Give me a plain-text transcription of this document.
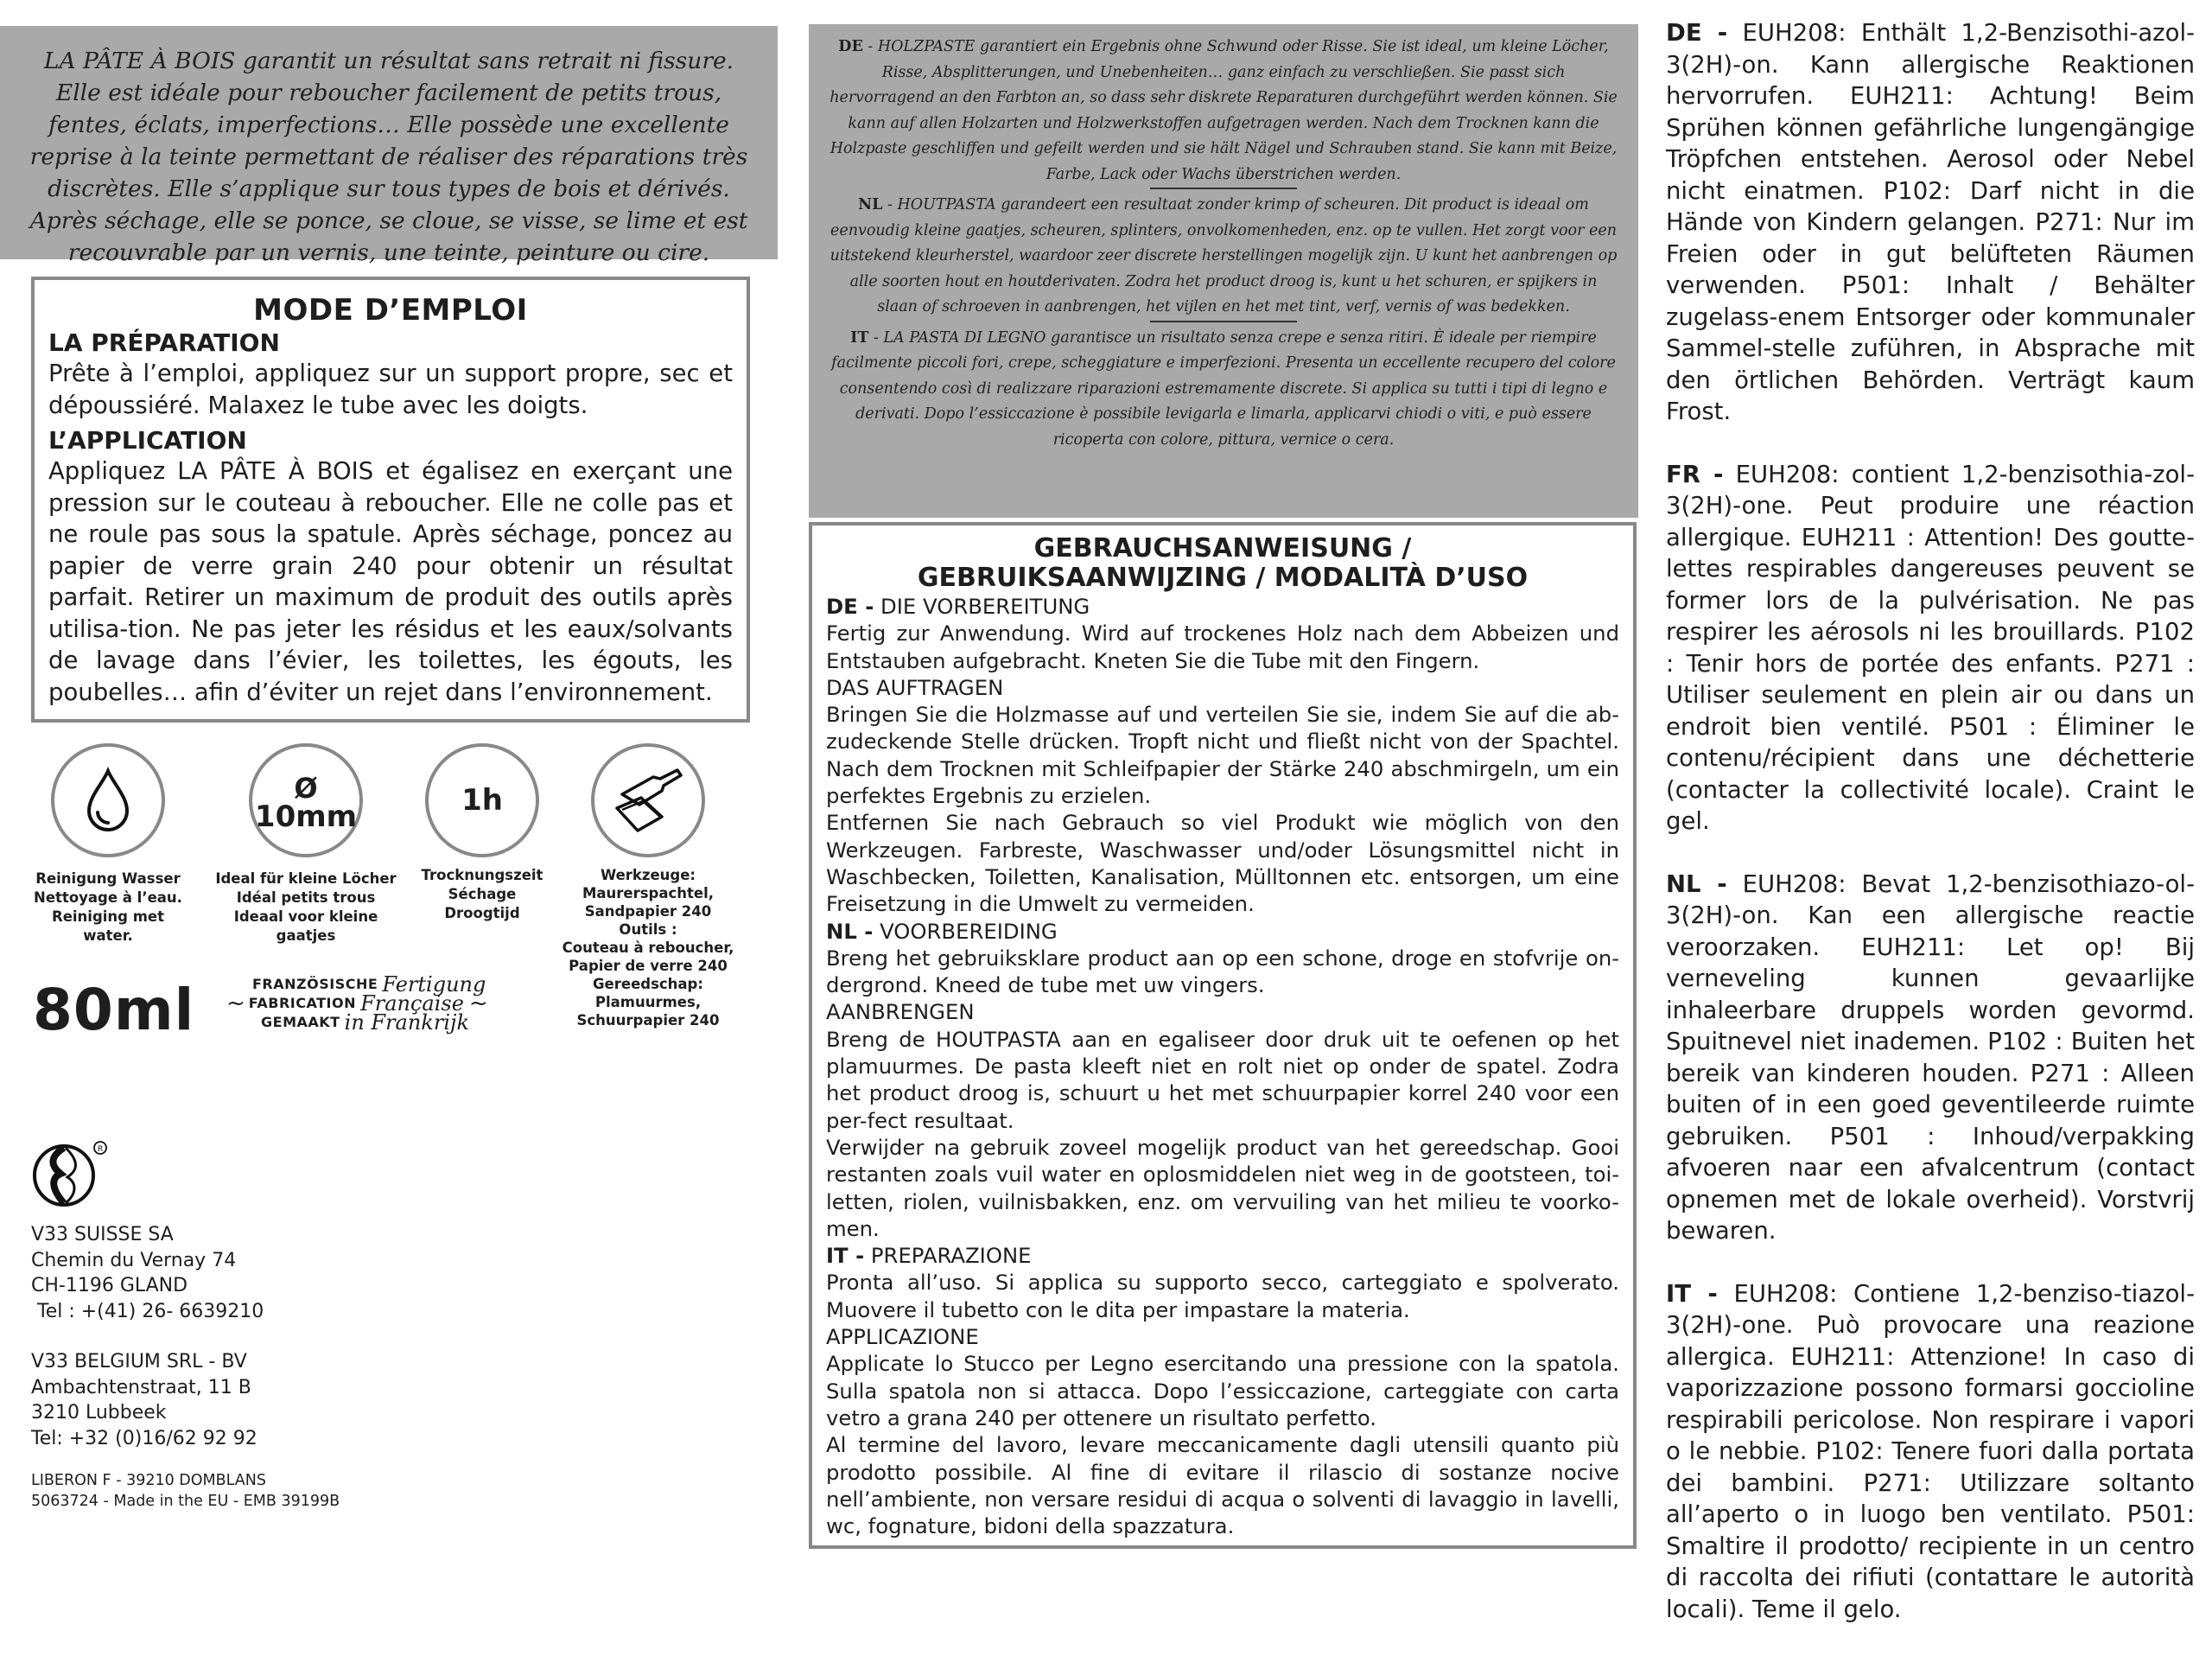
LA PÂTE À BOIS garantit un résultat sans retrait ni fissure. Elle est idéale pour reboucher facilement de petits trous, fentes, éclats, imperfections… Elle possède une excellente reprise à la teinte permettant de réaliser des réparations très discrètes. Elle s’applique sur tous types de bois et dérivés. Après séchage, elle se ponce, se cloue, se visse, se lime et est recouvrable par un vernis, une teinte, peinture ou cire.
MODE D’EMPLOI
LA PRÉPARATION
Prête à l’emploi, appliquez sur un support propre, sec et dépoussiéré. Malaxez le tube avec les doigts.
L’APPLICATION
Appliquez LA PÂTE À BOIS et égalisez en exerçant une pression sur le couteau à reboucher. Elle ne colle pas et ne roule pas sous la spatule. Après séchage, poncez au papier de verre grain 240 pour obtenir un résultat parfait. Retirer un maximum de produit des outils après utilisa-tion. Ne pas jeter les résidus et les eaux/solvants de lavage dans l’évier, les toilettes, les égouts, les poubelles… afin d’éviter un rejet dans l’environnement.
Reinigung Wasser
Nettoyage à l’eau.
Reiniging met water.
Ø
10mm
Ideal für kleine Löcher
Idéal petits trous
Ideaal voor kleine gaatjes
1h
Trocknungszeit
Séchage
Droogtijd
Werkzeuge:
Maurerspachtel,
Sandpapier 240
Outils :
Couteau à reboucher,
Papier de verre 240
Gereedschap:
Plamuurmes,
Schuurpapier 240
80ml	FRANZÖSISCHE
Fertigung
~ FABRICATION
Française ~
GEMAAKT
in Frankrijk
R
V33 SUISSE SA
Chemin du Vernay 74
CH-1196 GLAND
Tel : +(41) 26- 6639210
V33 BELGIUM SRL - BV
Ambachtenstraat, 11 B
3210 Lubbeek
Tel: +32 (0)16/62 92 92
LIBERON F - 39210 DOMBLANS
5063724 - Made in the EU - EMB 39199B
DE - HOLZPASTE garantiert ein Ergebnis ohne Schwund oder Risse. Sie ist ideal, um kleine Löcher, Risse, Absplitterungen, und Unebenheiten… ganz einfach zu verschließen. Sie passt sich hervorragend an den Farbton an, so dass sehr diskrete Reparaturen durchgeführt werden können. Sie kann auf allen Holzarten und Holzwerkstoffen aufgetragen werden. Nach dem Trocknen kann die Holzpaste geschliffen und gefeilt werden und sie hält Nägel und Schrauben stand. Sie kann mit Beize, Farbe, Lack oder Wachs überstrichen werden.
NL - HOUTPASTA garandeert een resultaat zonder krimp of scheuren. Dit product is ideaal om eenvoudig kleine gaatjes, scheuren, splinters, onvolkomenheden, enz. op te vullen. Het zorgt voor een uitstekend kleurherstel, waardoor zeer discrete herstellingen mogelijk zijn. U kunt het aanbrengen op alle soorten hout en houtderivaten. Zodra het product droog is, kunt u het schuren, er spijkers in slaan of schroeven in aanbrengen, het vijlen en het met tint, verf, vernis of was bedekken.
IT - LA PASTA DI LEGNO garantisce un risultato senza crepe e senza ritiri. È ideale per riempire facilmente piccoli fori, crepe, scheggiature e imperfezioni. Presenta un eccellente recupero del colore consentendo così di realizzare riparazioni estremamente discrete. Si applica su tutti i tipi di legno e derivati. Dopo l’essiccazione è possibile levigarla e limarla, applicarvi chiodi o viti, e può essere ricoperta con colore, pittura, vernice o cera.
GEBRAUCHSANWEISUNG /
GEBRUIKSAANWIJZING / MODALITÀ D’USO
DE - DIE VORBEREITUNG
Fertig zur Anwendung. Wird auf trockenes Holz nach dem Abbeizen und Entstauben aufgebracht. Kneten Sie die Tube mit den Fingern.
DAS AUFTRAGEN
Bringen Sie die Holzmasse auf und verteilen Sie sie, indem Sie auf die ab-zudeckende Stelle drücken. Tropft nicht und fließt nicht von der Spachtel. Nach dem Trocknen mit Schleifpapier der Stärke 240 abschmirgeln, um ein perfektes Ergebnis zu erzielen.
Entfernen Sie nach Gebrauch so viel Produkt wie möglich von den Werkzeugen. Farbreste, Waschwasser und/oder Lösungsmittel nicht in Waschbecken, Toiletten, Kanalisation, Mülltonnen etc. entsorgen, um eine Freisetzung in die Umwelt zu vermeiden.
NL - VOORBEREIDING
Breng het gebruiksklare product aan op een schone, droge en stofvrije on-dergrond. Kneed de tube met uw vingers.
AANBRENGEN
Breng de HOUTPASTA aan en egaliseer door druk uit te oefenen op het plamuurmes. De pasta kleeft niet en rolt niet op onder de spatel. Zodra het product droog is, schuurt u het met schuurpapier korrel 240 voor een per-fect resultaat.
Verwijder na gebruik zoveel mogelijk product van het gereedschap. Gooi restanten zoals vuil water en oplosmiddelen niet weg in de gootsteen, toi-letten, riolen, vuilnisbakken, enz. om vervuiling van het milieu te voorko-men.
IT - PREPARAZIONE
Pronta all’uso. Si applica su supporto secco, carteggiato e spolverato. Muovere il tubetto con le dita per impastare la materia.
APPLICAZIONE
Applicate lo Stucco per Legno esercitando una pressione con la spatola. Sulla spatola non si attacca. Dopo l’essiccazione, carteggiate con carta vetro a grana 240 per ottenere un risultato perfetto.
Al termine del lavoro, levare meccanicamente dagli utensili quanto più prodotto possibile. Al fine di evitare il rilascio di sostanze nocive nell’ambiente, non versare residui di acqua o solventi di lavaggio in lavelli, wc, fognature, bidoni della spazzatura.

DE - EUH208: Enthält 1,2-Benzisothi-azol-3(2H)-on. Kann allergische Reaktionen hervorrufen. EUH211: Achtung! Beim Sprühen können gefährliche lungengängige Tröpfchen entstehen. Aerosol oder Nebel nicht einatmen. P102: Darf nicht in die Hände von Kindern gelangen. P271: Nur im Freien oder in gut belüfteten Räumen verwenden. P501: Inhalt / Behälter zugelass-enem Entsorger oder kommunaler Sammel-stelle zuführen, in Absprache mit den örtlichen Behörden. Verträgt kaum Frost.

FR - EUH208: contient 1,2-benzisothia-zol-3(2H)-one. Peut produire une réaction allergique. EUH211 : Attention! Des goutte-lettes respirables dangereuses peuvent se former lors de la pulvérisation. Ne pas respirer les aérosols ni les brouillards. P102 : Tenir hors de portée des enfants. P271 : Utiliser seulement en plein air ou dans un endroit bien ventilé. P501 : Éliminer le contenu/récipient dans une déchetterie (contacter la collectivité locale). Craint le gel.

NL - EUH208: Bevat 1,2-benzisothiazo-ol-3(2H)-on. Kan een allergische reactie veroorzaken. EUH211: Let op! Bij verneveling kunnen gevaarlijke inhaleerbare druppels worden gevormd. Spuitnevel niet inademen. P102 : Buiten het bereik van kinderen houden. P271 : Alleen buiten of in een goed geventileerde ruimte gebruiken. P501 : Inhoud/verpakking afvoeren naar een afvalcentrum (contact opnemen met de lokale overheid). Vorstvrij bewaren.

IT - EUH208: Contiene 1,2-benziso-tiazol-3(2H)-one. Può provocare una reazione allergica. EUH211: Attenzione! In caso di vaporizzazione possono formarsi goccioline respirabili pericolose. Non respirare i vapori o le nebbie. P102: Tenere fuori dalla portata dei bambini. P271: Utilizzare soltanto all’aperto o in luogo ben ventilato. P501: Smaltire il prodotto/ recipiente in un centro di raccolta dei rifiuti (contattare le autorità locali). Teme il gelo.
